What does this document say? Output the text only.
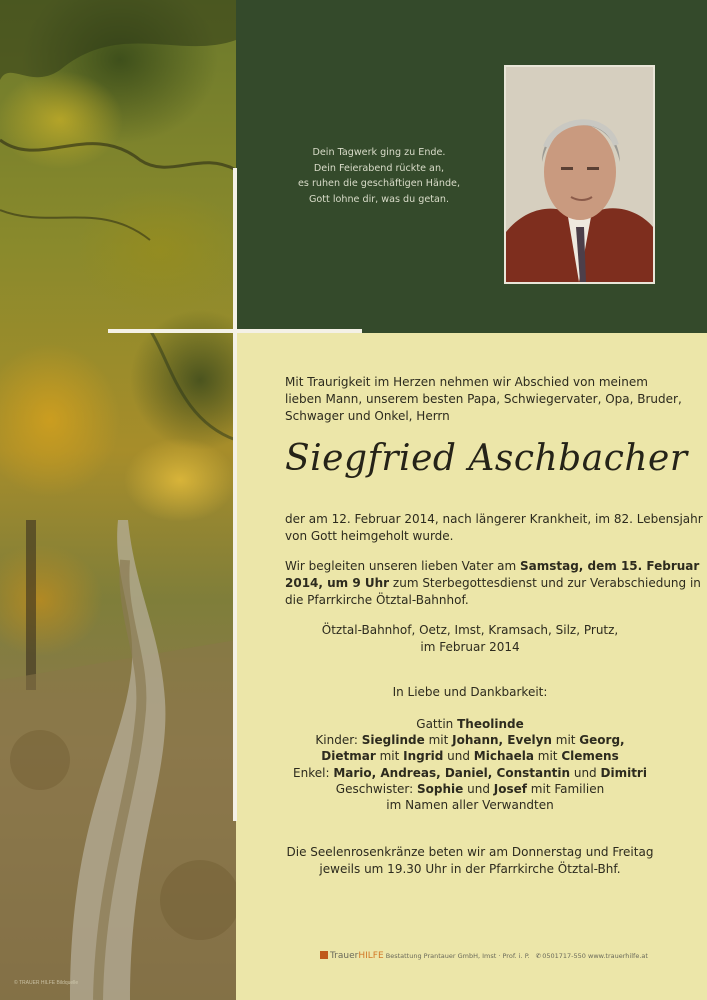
© TRAUER HILFE Bildquelle
Dein Tagwerk ging zu Ende.
Dein Feierabend rückte an,
es ruhen die geschäftigen Hände,
Gott lohne dir, was du getan.
Mit Traurigkeit im Herzen nehmen wir Abschied von meinem
lieben Mann, unserem besten Papa, Schwiegervater, Opa, Bruder,
Schwager und Onkel, Herrn
Siegfried Aschbacher
der am 12. Februar 2014, nach längerer Krankheit, im 82. Lebensjahr
von Gott heimgeholt wurde.
Wir begleiten unseren lieben Vater am Samstag, dem 15. Februar
2014, um 9 Uhr zum Sterbegottesdienst und zur Verabschiedung in
die Pfarrkirche Ötztal-Bahnhof.
Ötztal-Bahnhof, Oetz, Imst, Kramsach, Silz, Prutz,
im Februar 2014
In Liebe und Dankbarkeit:
Gattin Theolinde
Kinder: Sieglinde mit Johann, Evelyn mit Georg,
Dietmar mit Ingrid und Michaela mit Clemens
Enkel: Mario, Andreas, Daniel, Constantin und Dimitri
Geschwister: Sophie und Josef mit Familien
im Namen aller Verwandten
Die Seelenrosenkränze beten wir am Donnerstag und Freitag
jeweils um 19.30 Uhr in der Pfarrkirche Ötztal-Bhf.
TrauerHILFE Bestattung Prantauer GmbH, Imst · Prof. i. P. ✆0501717-550 www.trauerhilfe.at
